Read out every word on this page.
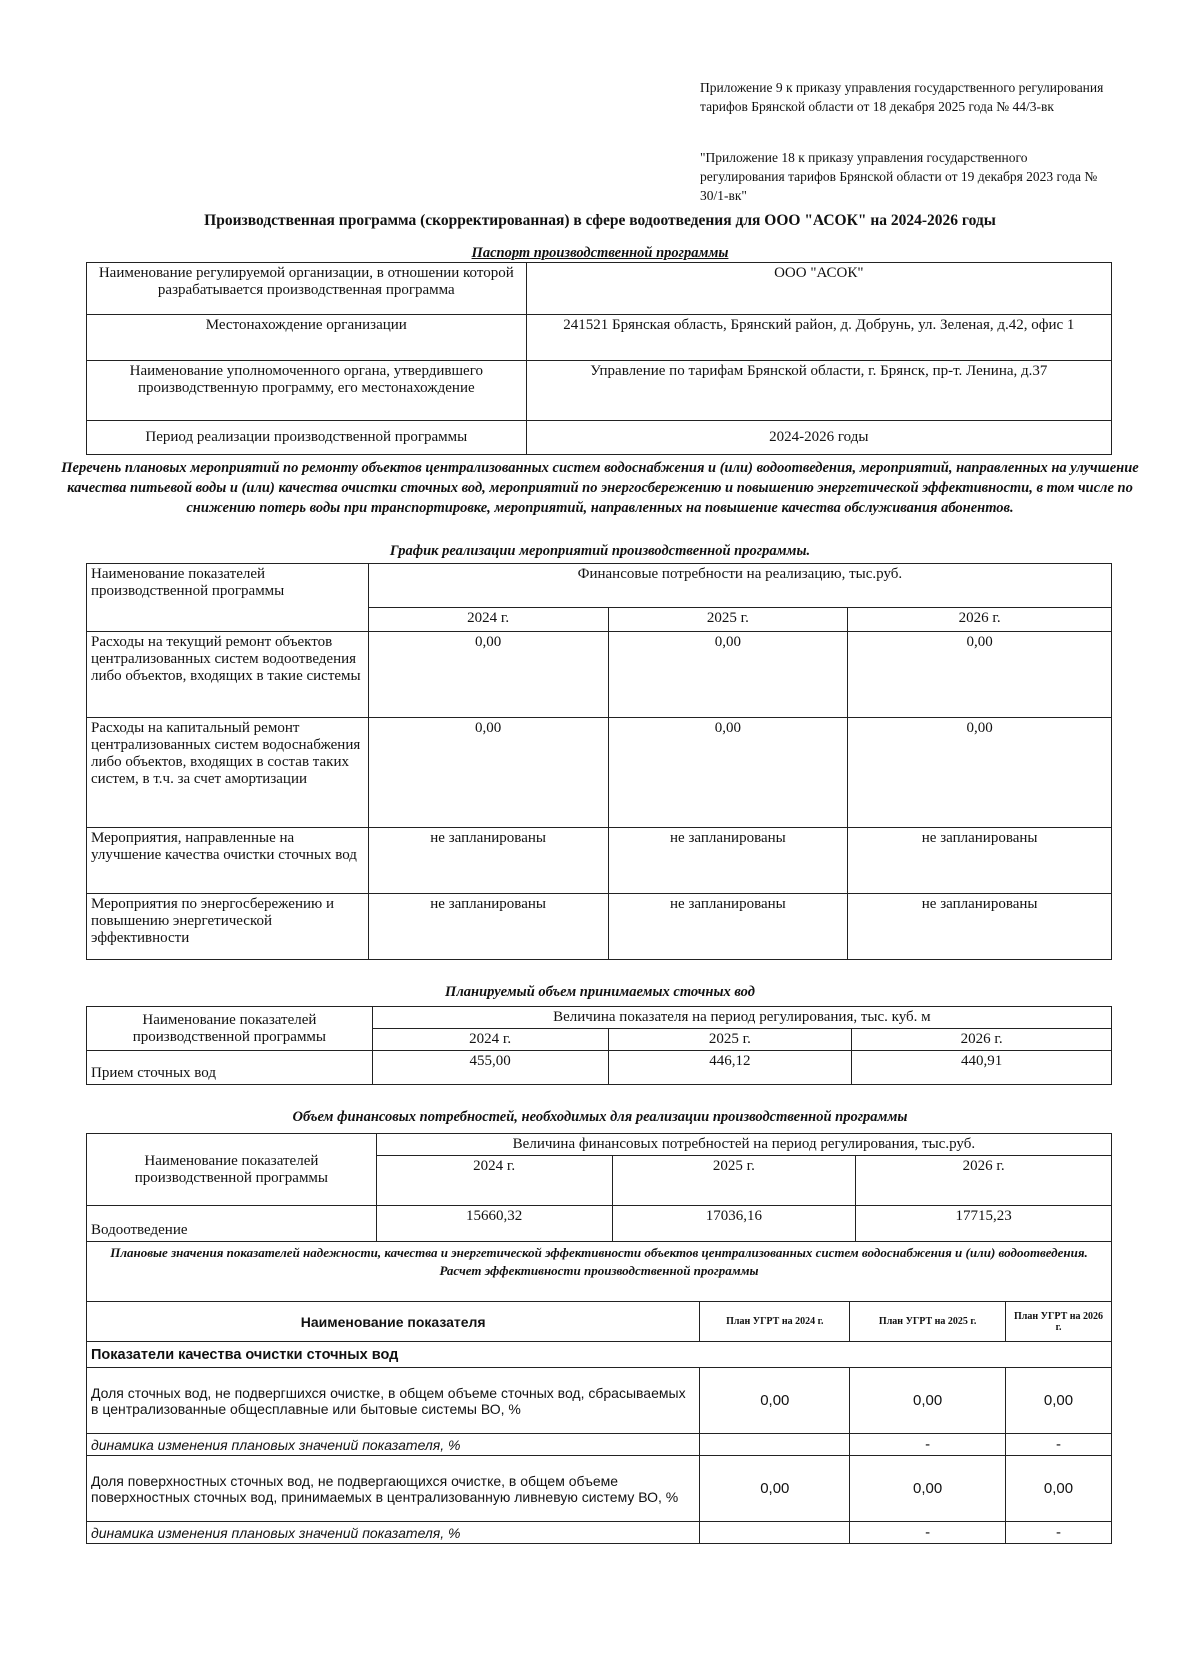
Приложение 9 к приказу управления государственного регулирования тарифов Брянской области от 18 декабря 2025 года № 44/3-вк
"Приложение 18 к приказу управления государственного регулирования тарифов Брянской области от 19 декабря 2023 года № 30/1-вк"
Производственная программа (скорректированная) в сфере водоотведения для ООО "АСОК" на 2024-2026 годы
Паспорт производственной программы
Наименование регулируемой организации, в отношении которой разрабатывается производственная программа	ООО "АСОК"
Местонахождение организации	241521 Брянская область, Брянский район, д. Добрунь, ул. Зеленая, д.42, офис 1
Наименование уполномоченного органа, утвердившего производственную программу, его местонахождение	Управление по тарифам Брянской области, г. Брянск, пр-т. Ленина, д.37
Период реализации производственной программы	2024-2026 годы
Перечень плановых мероприятий по ремонту объектов централизованных систем водоснабжения и (или) водоотведения, мероприятий, направленных на улучшение качества питьевой воды и (или) качества очистки сточных вод, мероприятий по энергосбережению и повышению энергетической эффективности, в том числе по снижению потерь воды при транспортировке, мероприятий, направленных на повышение качества обслуживания абонентов.
График реализации мероприятий производственной программы.
Наименование показателей производственной программы	Финансовые потребности на реализацию, тыс.руб.		
	2024 г.	2025 г.	2026 г.
Расходы на текущий ремонт объектов централизованных систем водоотведения либо объектов, входящих в такие системы	0,00	0,00	0,00
Расходы на капитальный ремонт централизованных систем водоснабжения либо объектов, входящих в состав таких систем, в т.ч. за счет амортизации	0,00	0,00	0,00
Мероприятия, направленные на улучшение качества очистки сточных вод	не запланированы	не запланированы	не запланированы
Мероприятия по энергосбережению и повышению энергетической эффективности	не запланированы	не запланированы	не запланированы
Планируемый объем принимаемых сточных вод
Наименование показателей производственной программы	Величина показателя на период регулирования, тыс. куб. м		
	2024 г.	2025 г.	2026 г.
Прием сточных вод	455,00	446,12	440,91
Объем финансовых потребностей, необходимых для реализации производственной программы
Наименование показателей производственной программы	Величина финансовых потребностей на период регулирования, тыс.руб.		
	2024 г.	2025 г.	2026 г.
Водоотведение	15660,32	17036,16	17715,23
Плановые значения показателей надежности, качества и энергетической эффективности объектов централизованных систем водоснабжения и (или) водоотведения.
Расчет эффективности производственной программы			

Наименование показателя	План УГРТ на 2024 г.	План УГРТ на 2025 г.	План УГРТ на 2026 г.
Показатели качества очистки сточных вод			
Доля сточных вод, не подвергшихся очистке, в общем объеме сточных вод, сбрасываемых в централизованные общесплавные или бытовые системы ВО, %	0,00	0,00	0,00
динамика изменения плановых значений показателя, %		-	-
Доля поверхностных сточных вод, не подвергающихся очистке, в общем объеме поверхностных сточных вод, принимаемых в централизованную ливневую систему ВО, %	0,00	0,00	0,00
динамика изменения плановых значений показателя, %		-	-
